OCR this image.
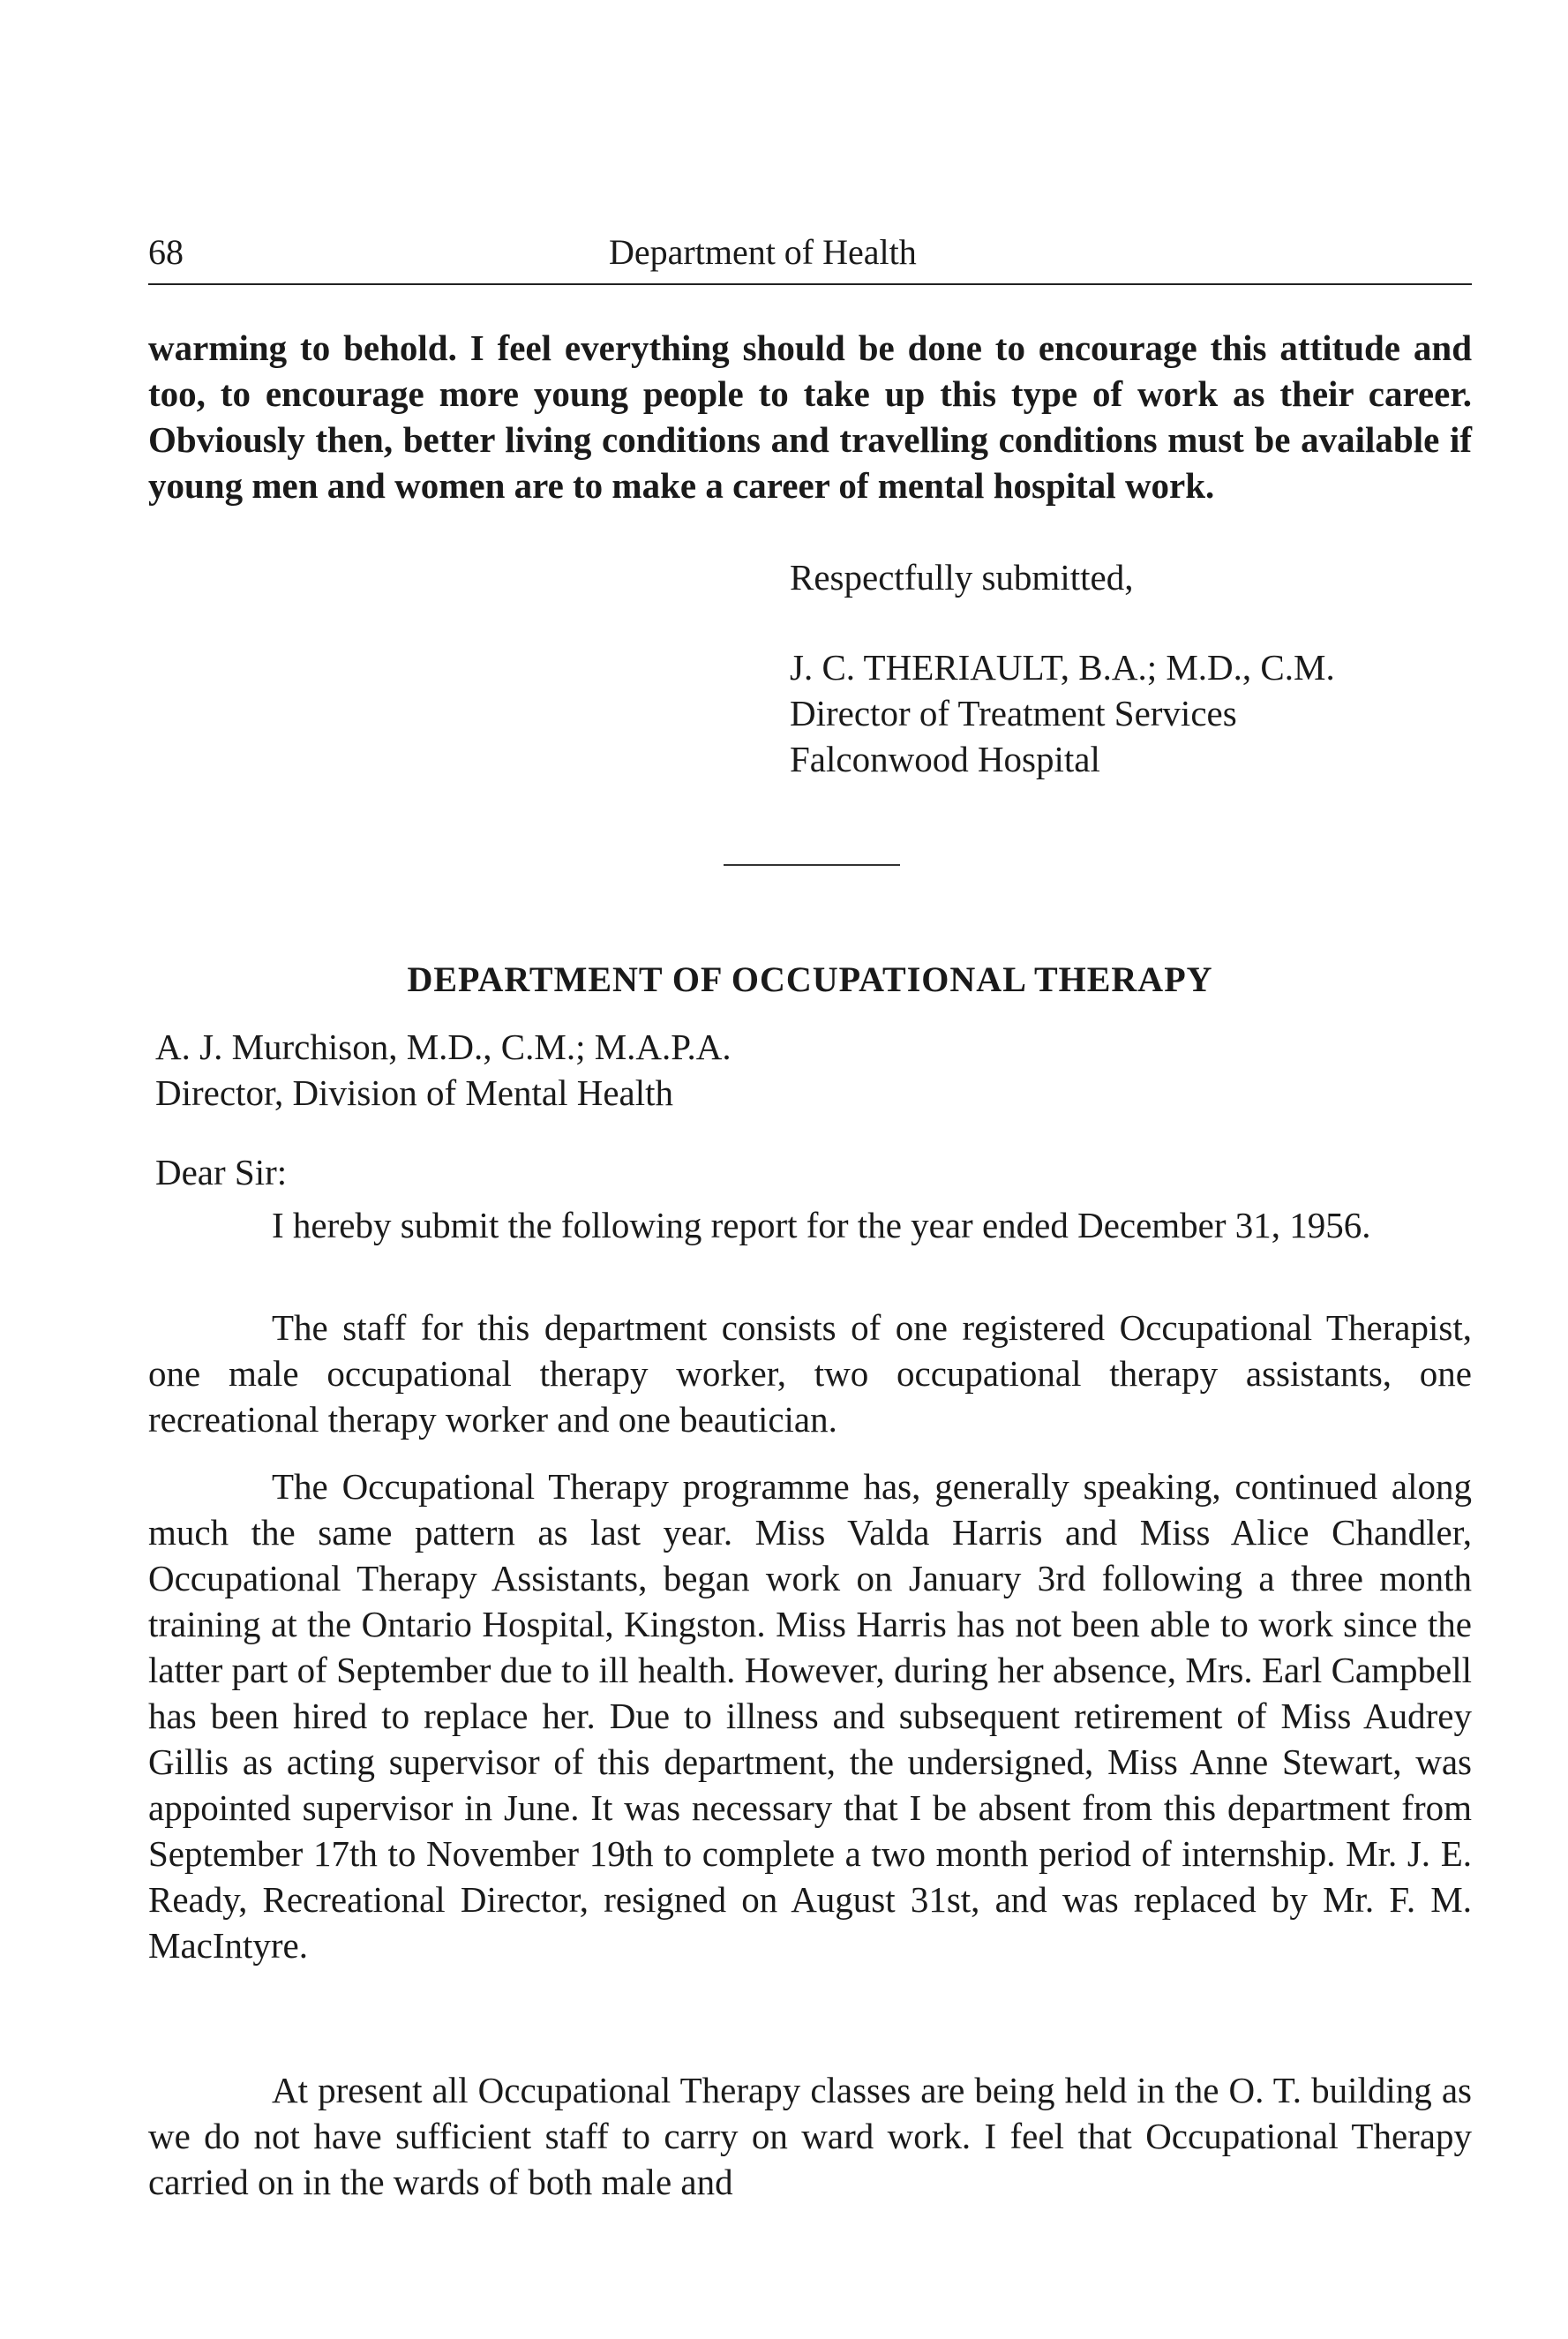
68	Department of Health

warming to behold. I feel everything should be done to encourage this attitude and too, to encourage more young people to take up this type of work as their career. Obviously then, better living conditions and travelling conditions must be available if young men and women are to make a career of mental hospital work.

Respectfully submitted,
J. C. THERIAULT, B.A.; M.D., C.M.
Director of Treatment Services
Falconwood Hospital
DEPARTMENT OF OCCUPATIONAL THERAPY
A. J. Murchison, M.D., C.M.; M.A.P.A.
Director, Division of Mental Health
Dear Sir:

I hereby submit the following report for the year ended December 31, 1956.

The staff for this department consists of one registered Occupational Therapist, one male occupational therapy worker, two occupational therapy assistants, one recreational therapy worker and one beautician.

The Occupational Therapy programme has, generally speaking, continued along much the same pattern as last year. Miss Valda Harris and Miss Alice Chandler, Occupational Therapy Assistants, began work on January 3rd following a three month training at the Ontario Hospital, Kingston. Miss Harris has not been able to work since the latter part of September due to ill health. However, during her absence, Mrs. Earl Campbell has been hired to replace her. Due to illness and subsequent retirement of Miss Audrey Gillis as acting supervisor of this department, the undersigned, Miss Anne Stewart, was appointed supervisor in June. It was necessary that I be absent from this department from September 17th to November 19th to complete a two month period of internship. Mr. J. E. Ready, Recreational Director, resigned on August 31st, and was replaced by Mr. F. M. MacIntyre.

At present all Occupational Therapy classes are being held in the O. T. building as we do not have sufficient staff to carry on ward work. I feel that Occupational Therapy carried on in the wards of both male and
